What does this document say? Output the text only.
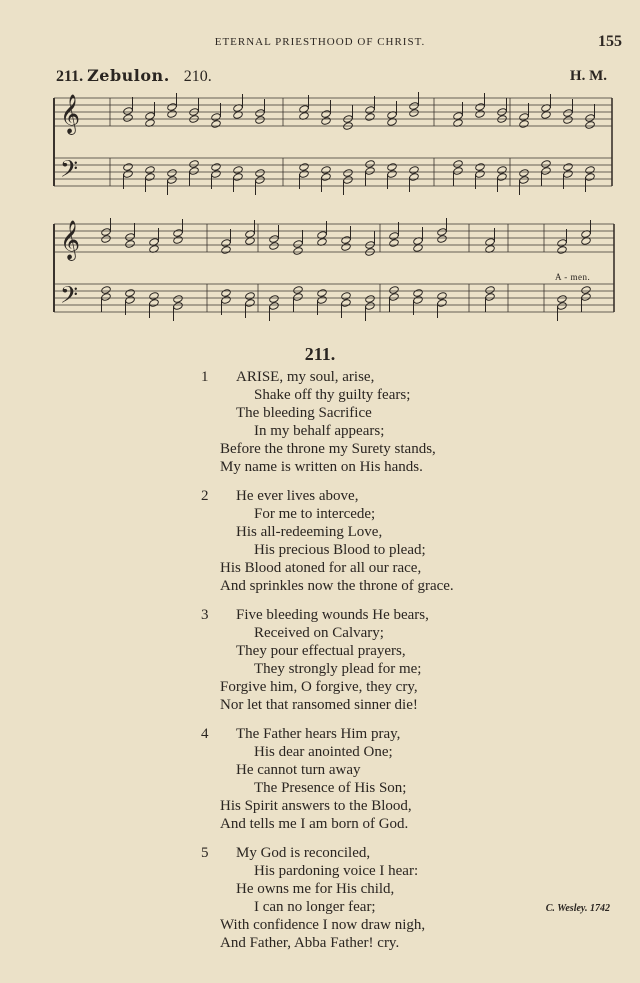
ETERNAL PRIESTHOOD OF CHRIST.	155
211. Zebulon. 210.	H. M.
𝄞
𝄢
𝄞
𝄢
A - men.
211.
1	ARISE, my soul, arise,
Shake off thy guilty fears;
The bleeding Sacrifice
In my behalf appears;
Before the throne my Surety stands,
My name is written on His hands.
2	He ever lives above,
For me to intercede;
His all-redeeming Love,
His precious Blood to plead;
His Blood atoned for all our race,
And sprinkles now the throne of grace.
3	Five bleeding wounds He bears,
Received on Calvary;
They pour effectual prayers,
They strongly plead for me;
Forgive him, O forgive, they cry,
Nor let that ransomed sinner die!
4	The Father hears Him pray,
His dear anointed One;
He cannot turn away
The Presence of His Son;
His Spirit answers to the Blood,
And tells me I am born of God.
5	My God is reconciled,
His pardoning voice I hear:
He owns me for His child,
I can no longer fear;
With confidence I now draw nigh,
And Father, Abba Father! cry.
C. Wesley. 1742
